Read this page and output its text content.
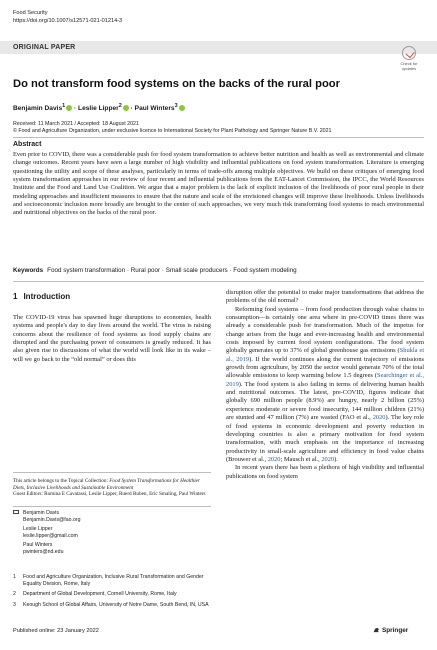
Food Security
https://doi.org/10.1007/s12571-021-01214-3
ORIGINAL PAPER
Check for
updates
Do not transform food systems on the backs of the rural poor
Benjamin Davis$^1$ · Leslie Lipper$^2$ · Paul Winters$^3$
Received: 11 March 2021 / Accepted: 18 August 2021
© Food and Agriculture Organization, under exclusive licence to International Society for Plant Pathology and Springer Nature B.V. 2021
Abstract
Even prior to COVID, there was a considerable push for food system transformation to achieve better nutrition and health as well as environmental and climate change outcomes. Recent years have seen a large number of high visibility and influential publications on food system transformation. Literature is emerging questioning the utility and scope of these analyses, particularly in terms of trade-offs among multiple objectives. We build on these critiques of emerging food system transformation approaches in our review of four recent and influential publications from the EAT-Lancet Commission, the IPCC, the World Resources Institute and the Food and Land Use Coalition. We argue that a major problem is the lack of explicit inclusion of the livelihoods of poor rural people in their modeling approaches and insufficient measures to ensure that the nature and scale of the envisioned changes will improve these livelihoods. Unless livelihoods and socioeconomic inclusion more broadly are brought to the center of such approaches, we very much risk transforming food systems to reach environmental and nutritional objectives on the backs of the rural poor.
Keywords Food system transformation · Rural poor · Small scale producers · Food system modeling
1 Introduction
The COVID-19 virus has spawned huge disruptions to economies, health systems and people's day to day lives around the world. The virus is raising concerns about the resilience of food systems as food supply chains are disrupted and the purchasing power of consumers is greatly reduced. It has also given rise to discussions of what the world will look like in its wake – will we go back to the “old normal” or does this
This article belongs to the Topical Collection: Food System Transformations for Healthier Diets, Inclusive Livelihoods and Sustainable Environment
Guest Editors: Romina E Cavatassi, Leslie Lipper, Ruerd Ruben, Eric Smaling, Paul Winters
Benjamin Davis
Benjamin.Davis@fao.org

Leslie Lipper
leslie.lipper@gmail.com

Paul Winters
pwinters@nd.edu
1	Food and Agriculture Organization, Inclusive Rural Transformation and Gender Equality Division, Rome, Italy
2	Department of Global Development, Cornell University, Rome, Italy
3	Keough School of Global Affairs, University of Notre Dame, South Bend, IN, USA
disruption offer the potential to make major transformations that address the problems of the old normal?
Reforming food systems – from food production through value chains to consumption—is certainly one area where in pre-COVID times there was already a considerable push for transformation. Much of the impetus for change arises from the huge and ever-increasing health and environmental costs imposed by current food system configurations. The food system globally generates up to 37% of global greenhouse gas emissions (Shukla et al., 2019). If the world continues along the current trajectory of emissions growth from agriculture, by 2050 the sector would generate 70% of the total allowable emissions to keep warming below 1.5 degrees (Searchinger et al., 2019). The food system is also failing in terms of delivering human health and nutritional outcomes. The latest, pre-COVID, figures indicate that globally 690 million people (8.9%) are hungry, nearly 2 billion (25%) experience moderate or severe food insecurity, 144 million children (21%) are stunted and 47 million (7%) are wasted (FAO et al., 2020). The key role of food systems in economic development and poverty reduction in developing countries is also a primary motivation for food system transformation, with much emphasis on the importance of increasing productivity in small-scale agriculture and efficiency in food value chains (Brouwer et al., 2020; Mausch et al., 2020).
In recent years there has been a plethora of high visibility and influential publications on food system
Published online: 23 January 2022	Springer
